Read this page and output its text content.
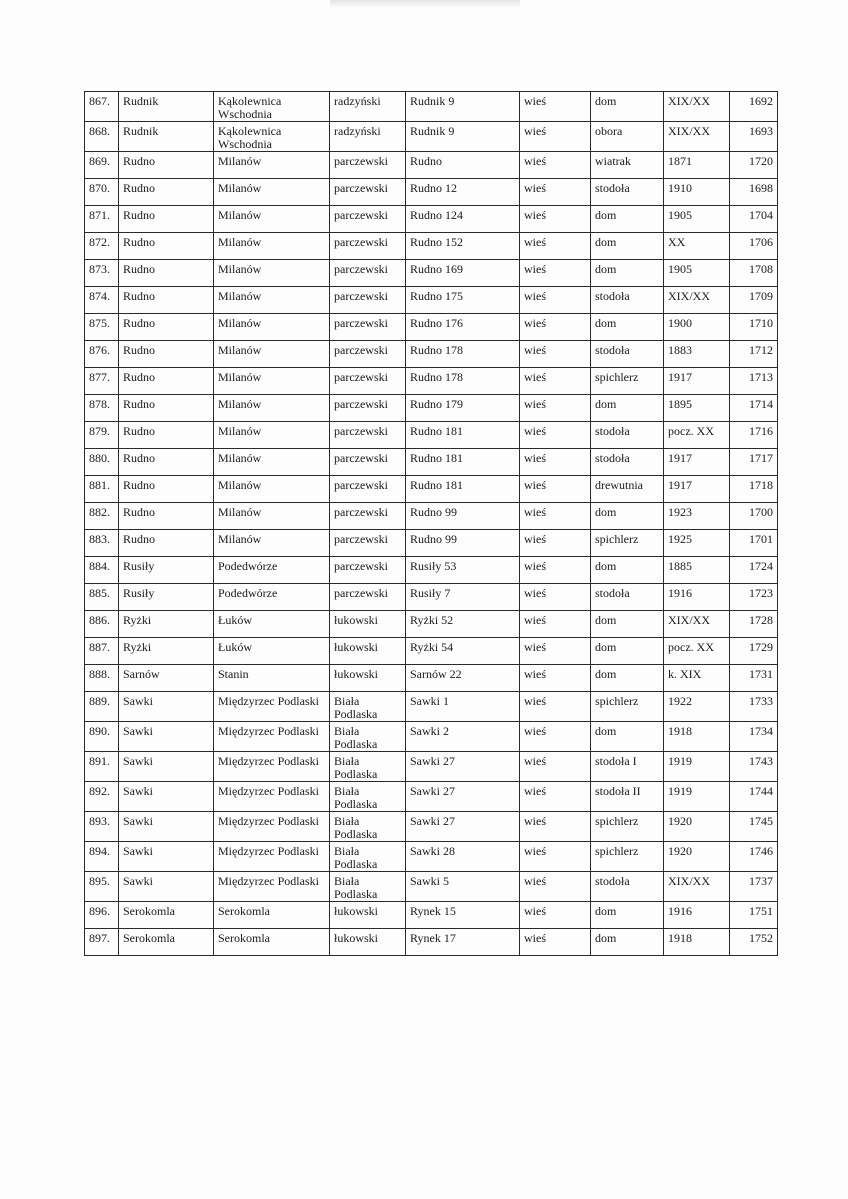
867.	Rudnik	Kąkolewnica Wschodnia	radzyński	Rudnik 9	wieś	dom	XIX/XX	1692
868.	Rudnik	Kąkolewnica Wschodnia	radzyński	Rudnik 9	wieś	obora	XIX/XX	1693
869.	Rudno	Milanów	parczewski	Rudno	wieś	wiatrak	1871	1720
870.	Rudno	Milanów	parczewski	Rudno 12	wieś	stodoła	1910	1698
871.	Rudno	Milanów	parczewski	Rudno 124	wieś	dom	1905	1704
872.	Rudno	Milanów	parczewski	Rudno 152	wieś	dom	XX	1706
873.	Rudno	Milanów	parczewski	Rudno 169	wieś	dom	1905	1708
874.	Rudno	Milanów	parczewski	Rudno 175	wieś	stodoła	XIX/XX	1709
875.	Rudno	Milanów	parczewski	Rudno 176	wieś	dom	1900	1710
876.	Rudno	Milanów	parczewski	Rudno 178	wieś	stodoła	1883	1712
877.	Rudno	Milanów	parczewski	Rudno 178	wieś	spichlerz	1917	1713
878.	Rudno	Milanów	parczewski	Rudno 179	wieś	dom	1895	1714
879.	Rudno	Milanów	parczewski	Rudno 181	wieś	stodoła	pocz. XX	1716
880.	Rudno	Milanów	parczewski	Rudno 181	wieś	stodoła	1917	1717
881.	Rudno	Milanów	parczewski	Rudno 181	wieś	drewutnia	1917	1718
882.	Rudno	Milanów	parczewski	Rudno 99	wieś	dom	1923	1700
883.	Rudno	Milanów	parczewski	Rudno 99	wieś	spichlerz	1925	1701
884.	Rusiły	Podedwórze	parczewski	Rusiły 53	wieś	dom	1885	1724
885.	Rusiły	Podedwórze	parczewski	Rusiły 7	wieś	stodoła	1916	1723
886.	Ryżki	Łuków	łukowski	Ryżki 52	wieś	dom	XIX/XX	1728
887.	Ryżki	Łuków	łukowski	Ryżki 54	wieś	dom	pocz. XX	1729
888.	Sarnów	Stanin	łukowski	Sarnów 22	wieś	dom	k. XIX	1731
889.	Sawki	Międzyrzec Podlaski	Biała Podlaska	Sawki 1	wieś	spichlerz	1922	1733
890.	Sawki	Międzyrzec Podlaski	Biała Podlaska	Sawki 2	wieś	dom	1918	1734
891.	Sawki	Międzyrzec Podlaski	Biała Podlaska	Sawki 27	wieś	stodoła I	1919	1743
892.	Sawki	Międzyrzec Podlaski	Biała Podlaska	Sawki 27	wieś	stodoła II	1919	1744
893.	Sawki	Międzyrzec Podlaski	Biała Podlaska	Sawki 27	wieś	spichlerz	1920	1745
894.	Sawki	Międzyrzec Podlaski	Biała Podlaska	Sawki 28	wieś	spichlerz	1920	1746
895.	Sawki	Międzyrzec Podlaski	Biała Podlaska	Sawki 5	wieś	stodoła	XIX/XX	1737
896.	Serokomla	Serokomla	łukowski	Rynek 15	wieś	dom	1916	1751
897.	Serokomla	Serokomla	łukowski	Rynek 17	wieś	dom	1918	1752
